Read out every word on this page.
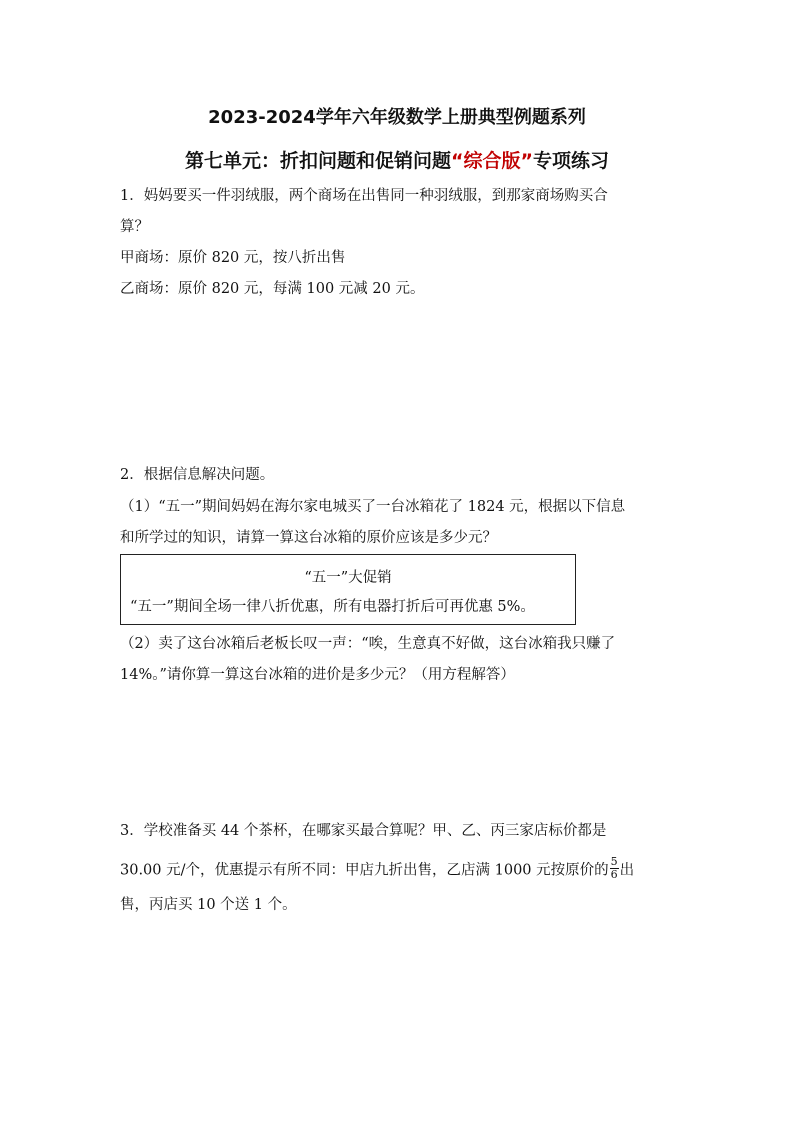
2023-2024学年六年级数学上册典型例题系列
第七单元：折扣问题和促销问题“综合版”专项练习
1．妈妈要买一件羽绒服，两个商场在出售同一种羽绒服，到那家商场购买合
算？
甲商场：原价 820 元，按八折出售
乙商场：原价 820 元，每满 100 元减 20 元。
2．根据信息解决问题。
（1）“五一”期间妈妈在海尔家电城买了一台冰箱花了 1824 元，根据以下信息
和所学过的知识，请算一算这台冰箱的原价应该是多少元？
“五一”大促销
“五一”期间全场一律八折优惠，所有电器打折后可再优惠 5%。
（2）卖了这台冰箱后老板长叹一声：“唉，生意真不好做，这台冰箱我只赚了
14%。”请你算一算这台冰箱的进价是多少元？（用方程解答）
3．学校准备买 44 个茶杯，在哪家买最合算呢？甲、乙、丙三家店标价都是
30.00 元/个，优惠提示有所不同：甲店九折出售，乙店满 1000 元按原价的 $\frac{5}{6}$ 出
售，丙店买 10 个送 1 个。
